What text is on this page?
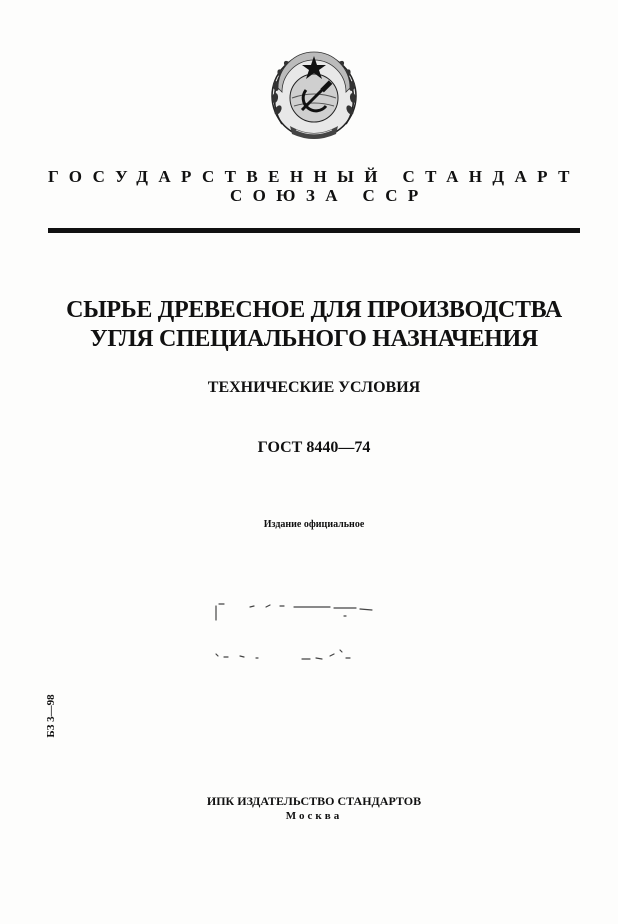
ГОСУДАРСТВЕННЫЙ СТАНДАРТ
СОЮЗА ССР
СЫРЬЕ ДРЕВЕСНОЕ ДЛЯ ПРОИЗВОДСТВА
УГЛЯ СПЕЦИАЛЬНОГО НАЗНАЧЕНИЯ
ТЕХНИЧЕСКИЕ УСЛОВИЯ
ГОСТ 8440—74
Издание официальное
БЗ 3—98
ИПК ИЗДАТЕЛЬСТВО СТАНДАРТОВ
Москва
